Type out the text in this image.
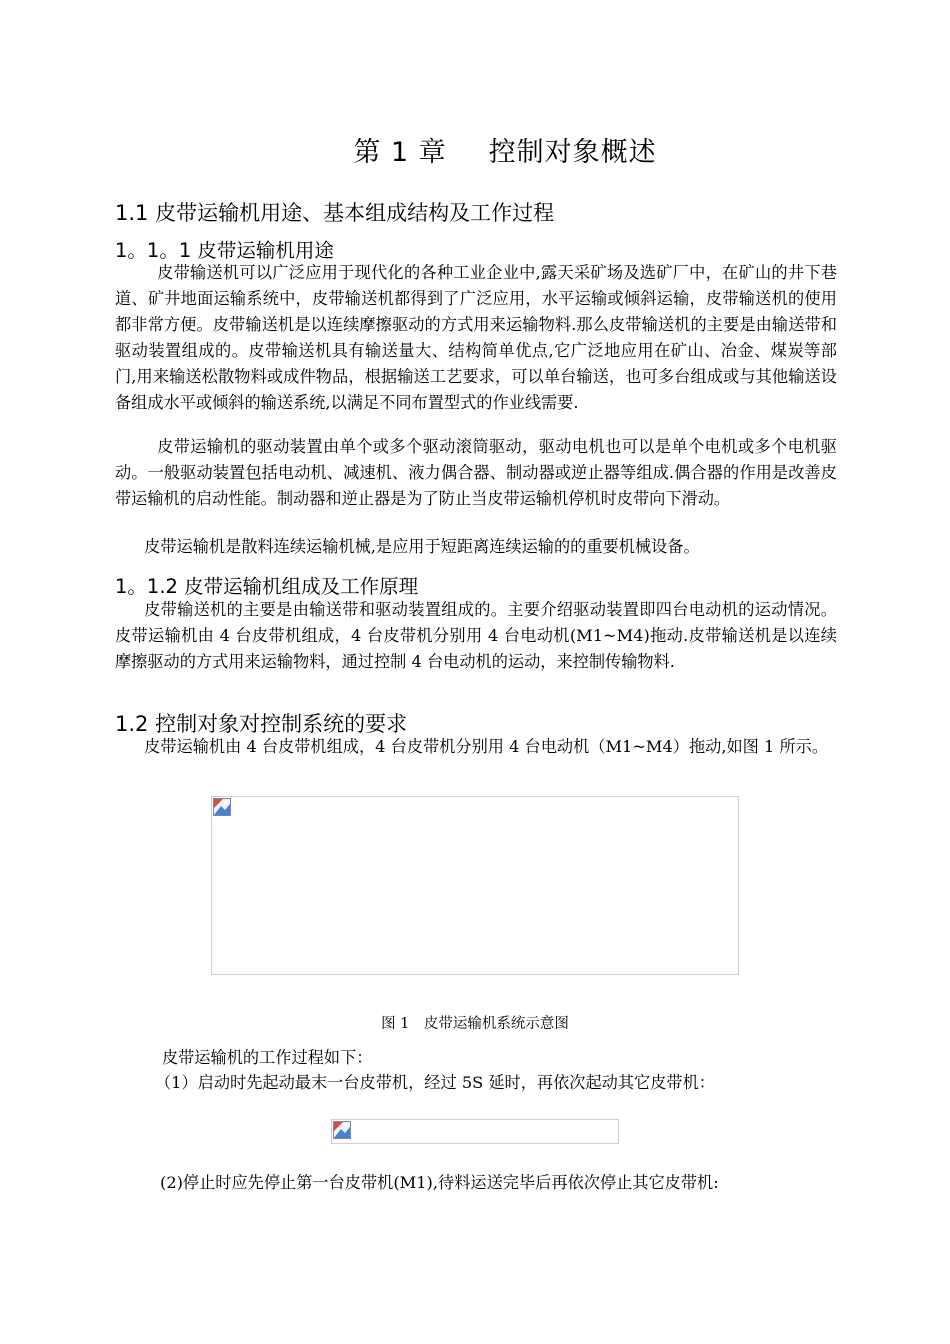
第 1 章 控制对象概述
1.1 皮带运输机用途、基本组成结构及工作过程
1。1。1 皮带运输机用途

皮带输送机可以广泛应用于现代化的各种工业企业中,露天采矿场及选矿厂中，在矿山的井下巷道、矿井地面运输系统中，皮带输送机都得到了广泛应用，水平运输或倾斜运输，皮带输送机的使用都非常方便。皮带输送机是以连续摩擦驱动的方式用来运输物料.那么皮带输送机的主要是由输送带和驱动装置组成的。皮带输送机具有输送量大、结构简单优点,它广泛地应用在矿山、冶金、煤炭等部门,用来输送松散物料或成件物品，根据输送工艺要求，可以单台输送，也可多台组成或与其他输送设备组成水平或倾斜的输送系统,以满足不同布置型式的作业线需要.

皮带运输机的驱动装置由单个或多个驱动滚筒驱动，驱动电机也可以是单个电机或多个电机驱动。一般驱动装置包括电动机、减速机、液力偶合器、制动器或逆止器等组成.偶合器的作用是改善皮带运输机的启动性能。制动器和逆止器是为了防止当皮带运输机停机时皮带向下滑动。

皮带运输机是散料连续运输机械,是应用于短距离连续运输的的重要机械设备。

1。1.2 皮带运输机组成及工作原理

皮带输送机的主要是由输送带和驱动装置组成的。主要介绍驱动装置即四台电动机的运动情况。皮带运输机由 4 台皮带机组成，4 台皮带机分别用 4 台电动机(M1~M4)拖动.皮带输送机是以连续摩擦驱动的方式用来运输物料，通过控制 4 台电动机的运动，来控制传输物料.

1.2 控制对象对控制系统的要求

皮带运输机由 4 台皮带机组成，4 台皮带机分别用 4 台电动机（M1~M4）拖动,如图 1 所示。

图 1　皮带运输机系统示意图
皮带运输机的工作过程如下：
（1）启动时先起动最末一台皮带机，经过 5S 延时，再依次起动其它皮带机：
(2)停止时应先停止第一台皮带机(M1),待料运送完毕后再依次停止其它皮带机:
